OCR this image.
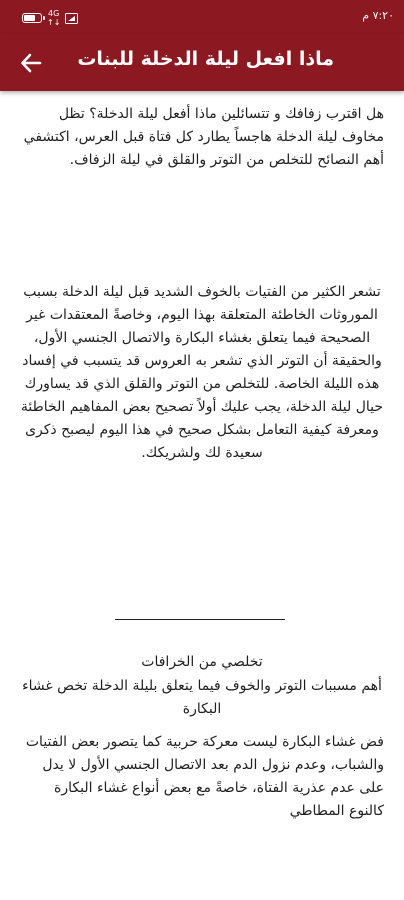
4G
↑↓
٧:٢٠ م
ماذا افعل ليلة الدخلة للبنات

هل اقترب زفافك و تتسائلين ماذا أفعل ليلة الدخلة؟ تظل مخاوف ليلة الدخلة هاجساً يطارد كل فتاة قبل العرس، اكتشفي أهم النصائح للتخلص من التوتر والقلق في ليلة الزفاف.

تشعر الكثير من الفتيات بالخوف الشديد قبل ليلة الدخلة بسبب الموروثات الخاطئة المتعلقة بهذا اليوم، وخاصةً المعتقدات غير الصحيحة فيما يتعلق بغشاء البكارة والاتصال الجنسي الأول، والحقيقة أن التوتر الذي تشعر به العروس قد يتسبب في إفساد هذه الليلة الخاصة. للتخلص من التوتر والقلق الذي قد يساورك حيال ليلة الدخلة، يجب عليك أولاً تصحيح بعض المفاهيم الخاطئة ومعرفة كيفية التعامل بشكل صحيح في هذا اليوم ليصبح ذكرى سعيدة لك ولشريكك.

تخلصي من الخرافات

أهم مسببات التوتر والخوف فيما يتعلق بليلة الدخلة تخص غشاء البكارة

فض غشاء البكارة ليست معركة حربية كما يتصور بعض الفتيات والشباب، وعدم نزول الدم بعد الاتصال الجنسي الأول لا يدل على عدم عذرية الفتاة، خاصةً مع بعض أنواع غشاء البكارة كالنوع المطاطي
